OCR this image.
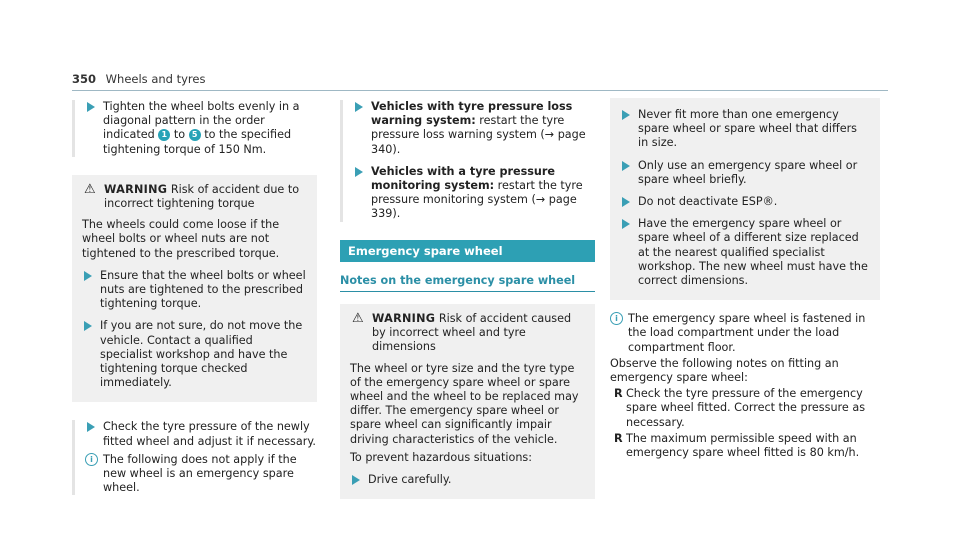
350 Wheels and tyres
Tighten the wheel bolts evenly in a diagonal pattern in the order indicated 1 to 5 to the specified tightening torque of 150 Nm.
⚠ WARNING Risk of accident due to incorrect tightening torque
The wheels could come loose if the wheel bolts or wheel nuts are not tightened to the prescribed torque.
Ensure that the wheel bolts or wheel nuts are tightened to the prescribed tightening torque.
If you are not sure, do not move the vehicle. Contact a qualified specialist workshop and have the tightening torque checked immediately.
Check the tyre pressure of the newly fitted wheel and adjust it if necessary.
i The following does not apply if the new wheel is an emergency spare wheel.
Vehicles with tyre pressure loss warning system: restart the tyre pressure loss warning system (→ page 340).
Vehicles with a tyre pressure monitoring system: restart the tyre pressure monitoring system (→ page 339).
Emergency spare wheel
Notes on the emergency spare wheel
⚠ WARNING Risk of accident caused by incorrect wheel and tyre dimensions
The wheel or tyre size and the tyre type of the emergency spare wheel or spare wheel and the wheel to be replaced may differ. The emergency spare wheel or spare wheel can significantly impair driving characteristics of the vehicle.
To prevent hazardous situations:
Drive carefully.
Never fit more than one emergency spare wheel or spare wheel that differs in size.
Only use an emergency spare wheel or spare wheel briefly.
Do not deactivate ESP®.
Have the emergency spare wheel or spare wheel of a different size replaced at the nearest qualified specialist workshop. The new wheel must have the correct dimensions.
i The emergency spare wheel is fastened in the load compartment under the load compartment floor.
Observe the following notes on fitting an emergency spare wheel:
R Check the tyre pressure of the emergency spare wheel fitted. Correct the pressure as necessary.
R The maximum permissible speed with an emergency spare wheel fitted is 80 km/h.
